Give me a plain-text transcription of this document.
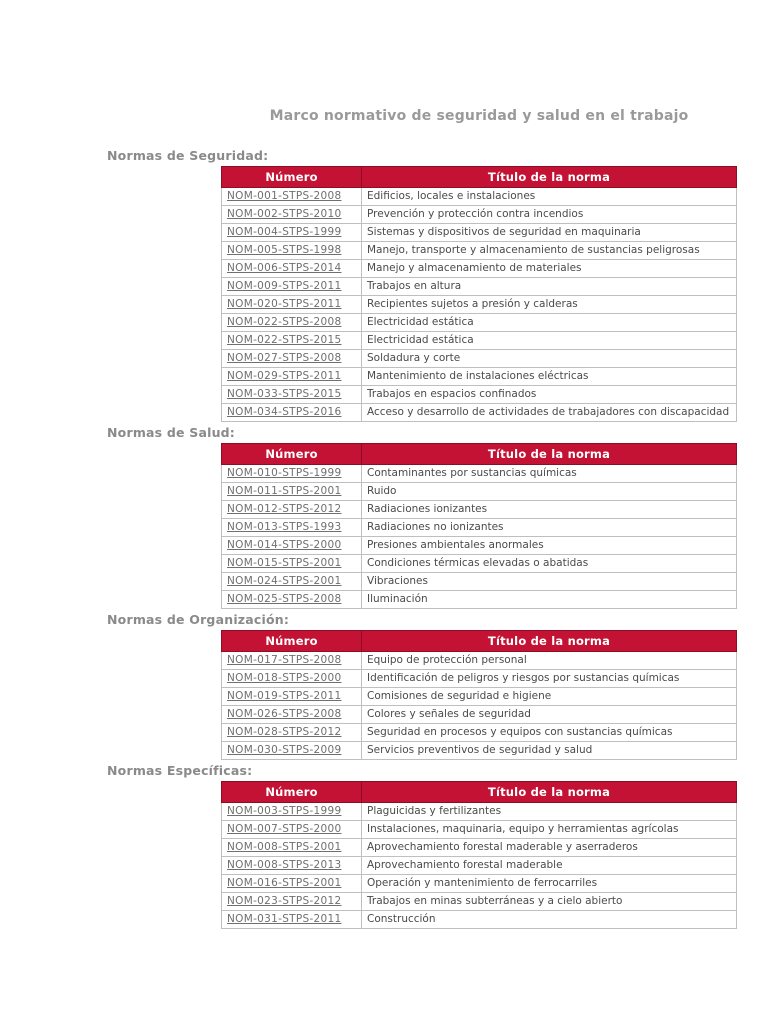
Marco normativo de seguridad y salud en el trabajo
Normas de Seguridad:
Número	Título de la norma
NOM-001-STPS-2008	Edificios, locales e instalaciones
NOM-002-STPS-2010	Prevención y protección contra incendios
NOM-004-STPS-1999	Sistemas y dispositivos de seguridad en maquinaria
NOM-005-STPS-1998	Manejo, transporte y almacenamiento de sustancias peligrosas
NOM-006-STPS-2014	Manejo y almacenamiento de materiales
NOM-009-STPS-2011	Trabajos en altura
NOM-020-STPS-2011	Recipientes sujetos a presión y calderas
NOM-022-STPS-2008	Electricidad estática
NOM-022-STPS-2015	Electricidad estática
NOM-027-STPS-2008	Soldadura y corte
NOM-029-STPS-2011	Mantenimiento de instalaciones eléctricas
NOM-033-STPS-2015	Trabajos en espacios confinados
NOM-034-STPS-2016	Acceso y desarrollo de actividades de trabajadores con discapacidad
Normas de Salud:
Número	Título de la norma
NOM-010-STPS-1999	Contaminantes por sustancias químicas
NOM-011-STPS-2001	Ruido
NOM-012-STPS-2012	Radiaciones ionizantes
NOM-013-STPS-1993	Radiaciones no ionizantes
NOM-014-STPS-2000	Presiones ambientales anormales
NOM-015-STPS-2001	Condiciones térmicas elevadas o abatidas
NOM-024-STPS-2001	Vibraciones
NOM-025-STPS-2008	Iluminación
Normas de Organización:
Número	Título de la norma
NOM-017-STPS-2008	Equipo de protección personal
NOM-018-STPS-2000	Identificación de peligros y riesgos por sustancias químicas
NOM-019-STPS-2011	Comisiones de seguridad e higiene
NOM-026-STPS-2008	Colores y señales de seguridad
NOM-028-STPS-2012	Seguridad en procesos y equipos con sustancias químicas
NOM-030-STPS-2009	Servicios preventivos de seguridad y salud
Normas Específicas:
Número	Título de la norma
NOM-003-STPS-1999	Plaguicidas y fertilizantes
NOM-007-STPS-2000	Instalaciones, maquinaria, equipo y herramientas agrícolas
NOM-008-STPS-2001	Aprovechamiento forestal maderable y aserraderos
NOM-008-STPS-2013	Aprovechamiento forestal maderable
NOM-016-STPS-2001	Operación y mantenimiento de ferrocarriles
NOM-023-STPS-2012	Trabajos en minas subterráneas y a cielo abierto
NOM-031-STPS-2011	Construcción
